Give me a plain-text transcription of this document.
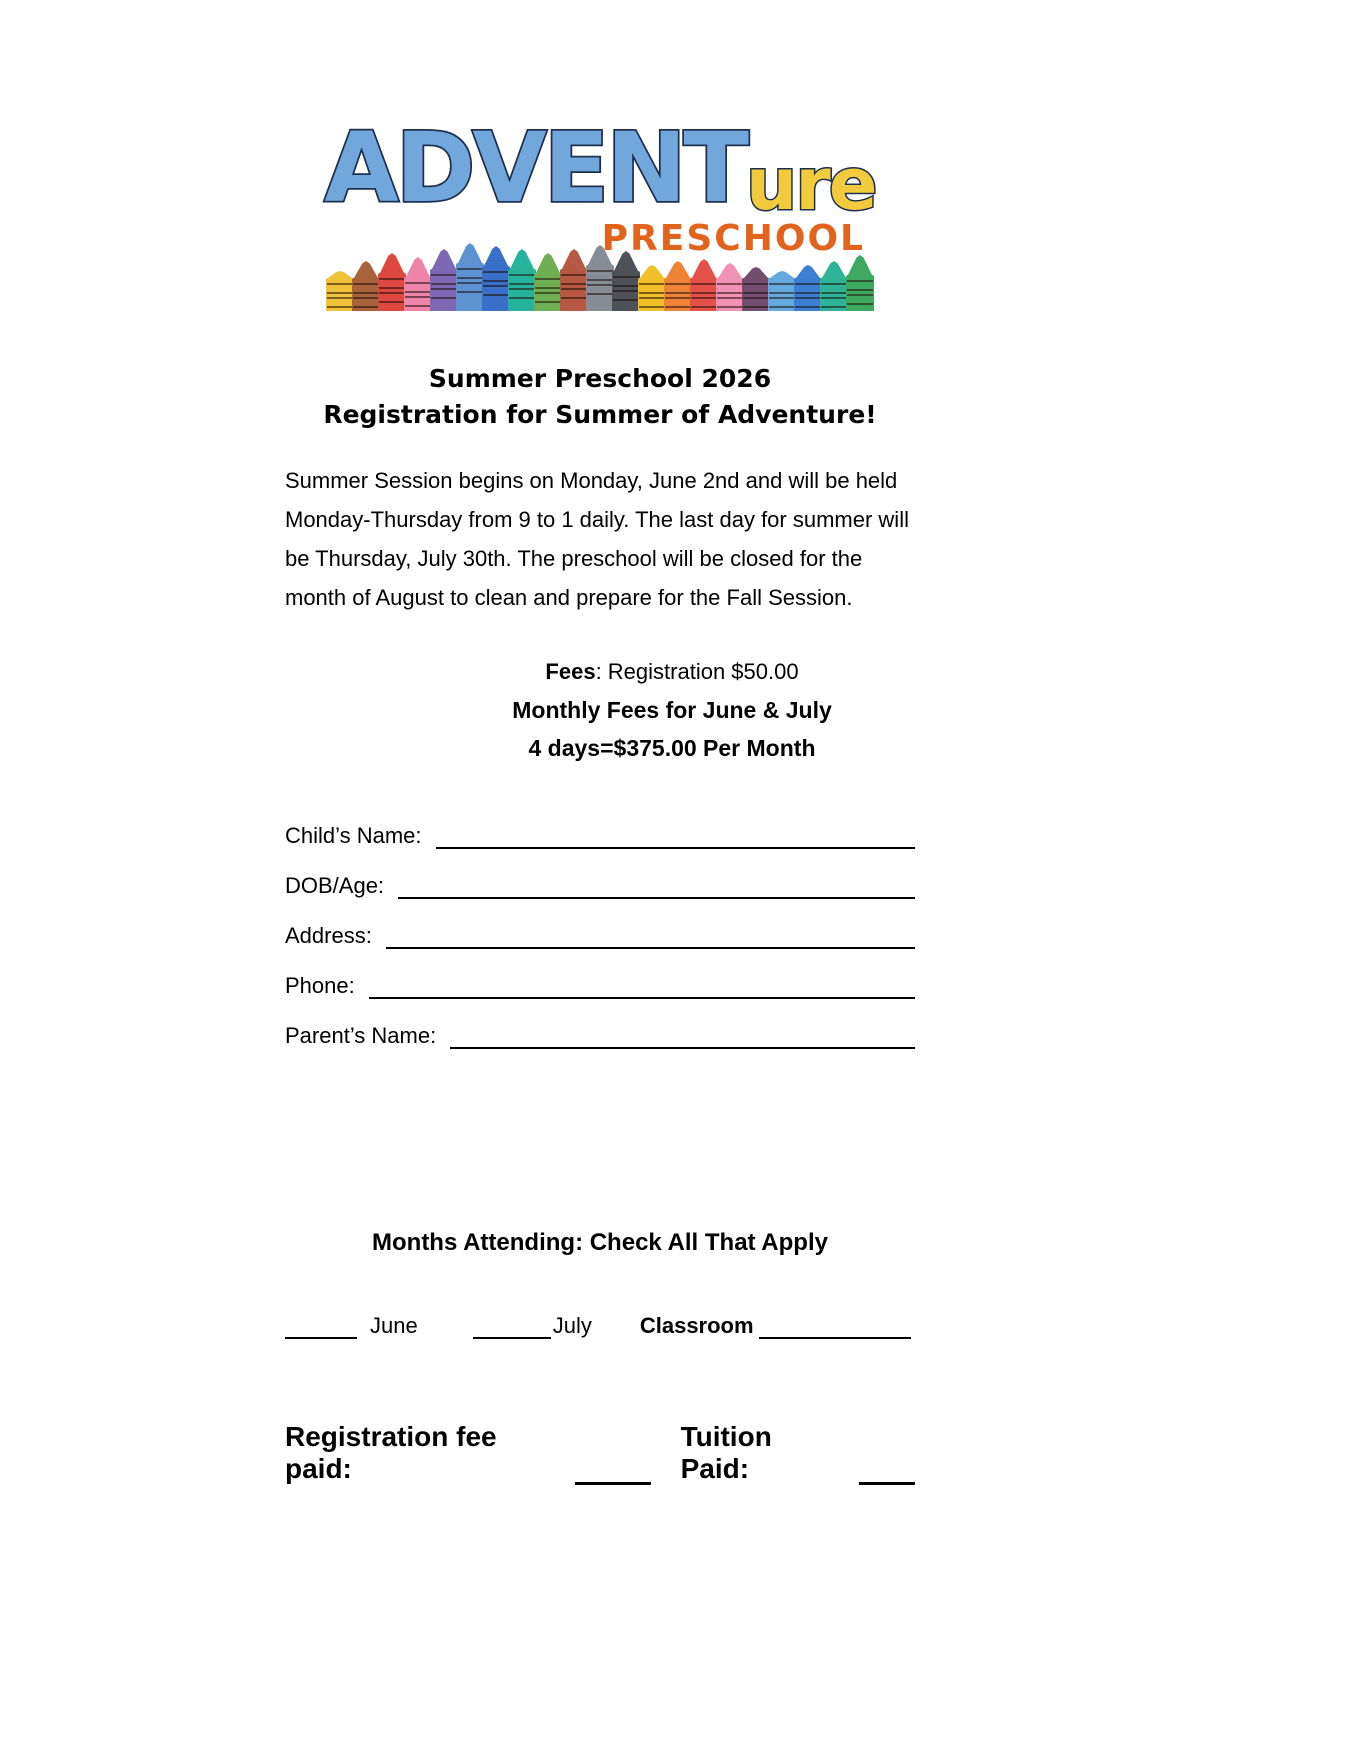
ADVENT ure
PRESCHOOL
Summer Preschool 2026
Registration for Summer of Adventure!
Summer Session begins on Monday, June 2nd and will be held
Monday-Thursday from 9 to 1 daily. The last day for summer will
be Thursday, July 30th. The preschool will be closed for the
month of August to clean and prepare for the Fall Session.
Fees: Registration $50.00
Monthly Fees for June & July
4 days=$375.00 Per Month
Child’s Name:
DOB/Age:
Address:
Phone:
Parent’s Name:
Months Attending: Check All That Apply
June	July Classroom
Registration fee paid:
Tuition Paid:
